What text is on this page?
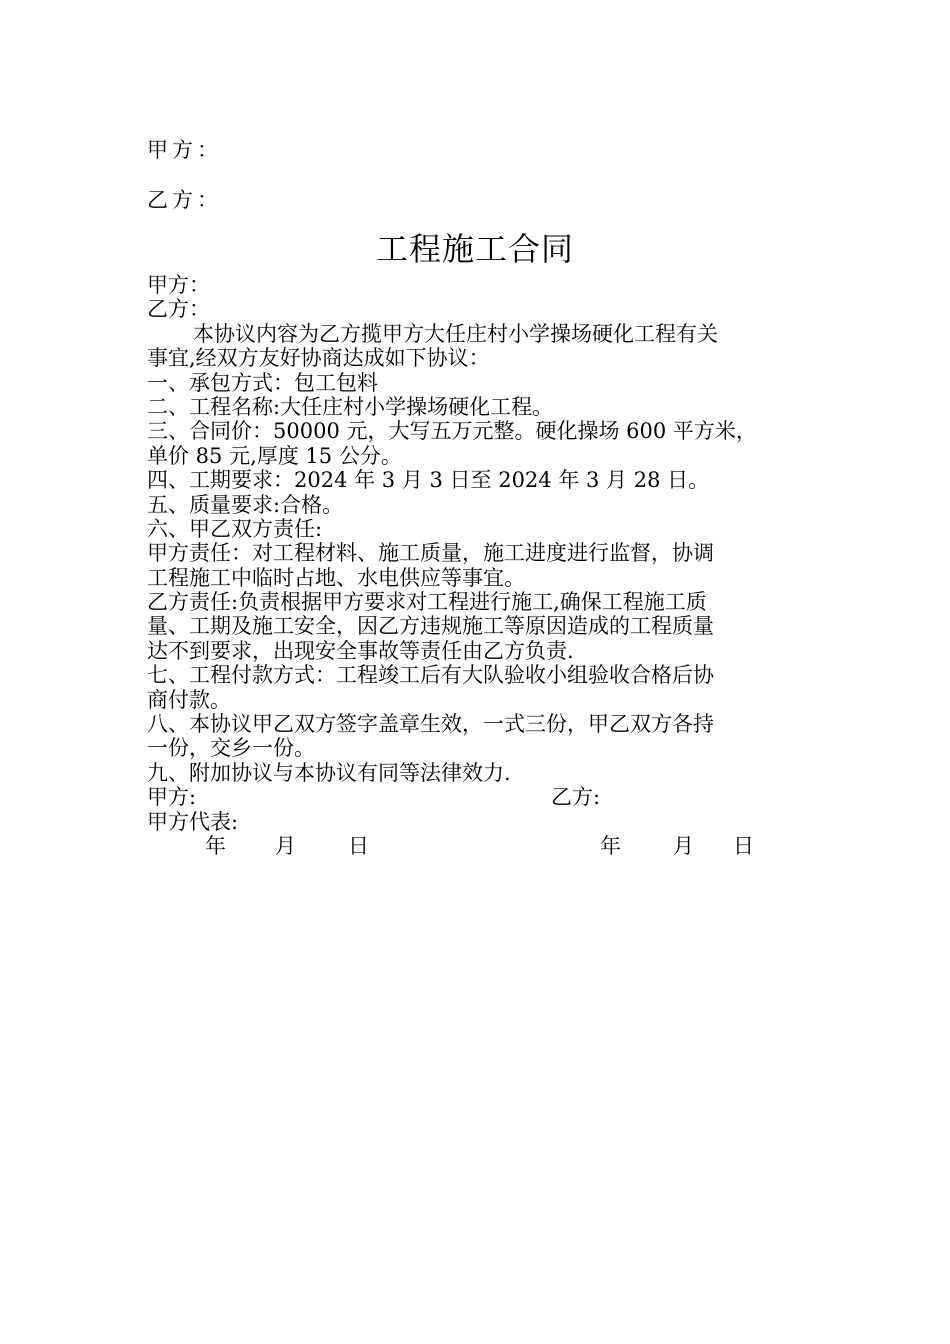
甲方：
乙方：
工程施工合同
甲方：
乙方：
本协议内容为乙方揽甲方大任庄村小学操场硬化工程有关
事宜,经双方友好协商达成如下协议：
一、承包方式：包工包料
二、工程名称:大任庄村小学操场硬化工程。
三、合同价：50000 元，大写五万元整。硬化操场 600 平方米，
单价 85 元,厚度 15 公分。
四、工期要求：2024 年 3 月 3 日至 2024 年 3 月 28 日。
五、质量要求:合格。
六、甲乙双方责任:
甲方责任：对工程材料、施工质量，施工进度进行监督，协调
工程施工中临时占地、水电供应等事宜。
乙方责任:负责根据甲方要求对工程进行施工,确保工程施工质
量、工期及施工安全，因乙方违规施工等原因造成的工程质量
达不到要求，出现安全事故等责任由乙方负责.
七、工程付款方式：工程竣工后有大队验收小组验收合格后协
商付款。
八、本协议甲乙双方签字盖章生效，一式三份，甲乙双方各持
一份，交乡一份。
九、附加协议与本协议有同等法律效力.
甲方:	乙方:
甲方代表:
年 月 日	年 月 日
